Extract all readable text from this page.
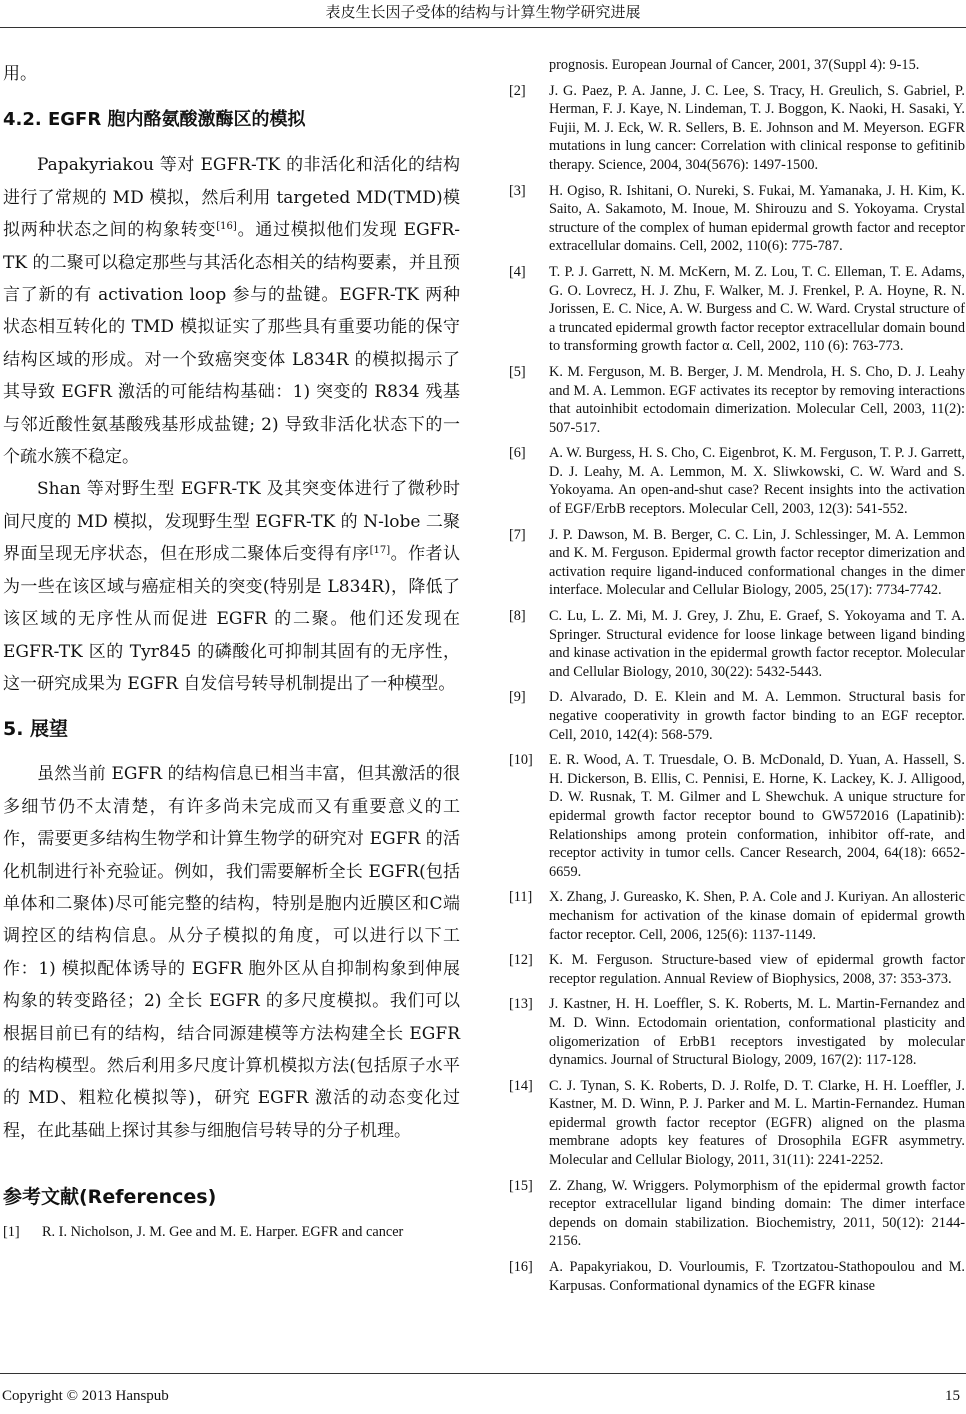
表皮生长因子受体的结构与计算生物学研究进展

用。

4.2. EGFR 胞内酪氨酸激酶区的模拟

Papakyriakou 等对 EGFR-TK 的非活化和活化的结构进行了常规的 MD 模拟，然后利用 targeted MD(TMD)模拟两种状态之间的构象转变[16]。通过模拟他们发现 EGFR-TK 的二聚可以稳定那些与其活化态相关的结构要素，并且预言了新的有 activation loop 参与的盐键。EGFR-TK 两种状态相互转化的 TMD 模拟证实了那些具有重要功能的保守结构区域的形成。对一个致癌突变体 L834R 的模拟揭示了其导致 EGFR 激活的可能结构基础：1) 突变的 R834 残基与邻近酸性氨基酸残基形成盐键; 2) 导致非活化状态下的一个疏水簇不稳定。

Shan 等对野生型 EGFR-TK 及其突变体进行了微秒时间尺度的 MD 模拟，发现野生型 EGFR-TK 的 N-lobe 二聚界面呈现无序状态，但在形成二聚体后变得有序[17]。作者认为一些在该区域与癌症相关的突变(特别是 L834R)，降低了该区域的无序性从而促进 EGFR 的二聚。他们还发现在 EGFR-TK 区的 Tyr845 的磷酸化可抑制其固有的无序性，这一研究成果为 EGFR 自发信号转导机制提出了一种模型。

5. 展望

虽然当前 EGFR 的结构信息已相当丰富，但其激活的很多细节仍不太清楚，有许多尚未完成而又有重要意义的工作，需要更多结构生物学和计算生物学的研究对 EGFR 的活化机制进行补充验证。例如，我们需要解析全长 EGFR(包括单体和二聚体)尽可能完整的结构，特别是胞内近膜区和C端调控区的结构信息。从分子模拟的角度，可以进行以下工作：1) 模拟配体诱导的 EGFR 胞外区从自抑制构象到伸展构象的转变路径；2) 全长 EGFR 的多尺度模拟。我们可以根据目前已有的结构，结合同源建模等方法构建全长 EGFR 的结构模型。然后利用多尺度计算机模拟方法(包括原子水平的 MD、粗粒化模拟等)，研究 EGFR 激活的动态变化过程，在此基础上探讨其参与细胞信号转导的分子机理。

参考文献(References)
[1]	R. I. Nicholson, J. M. Gee and M. E. Harper. EGFR and cancer
prognosis. European Journal of Cancer, 2001, 37(Suppl 4): 9-15.
[2]	J. G. Paez, P. A. Janne, J. C. Lee, S. Tracy, H. Greulich, S. Gabriel, P. Herman, F. J. Kaye, N. Lindeman, T. J. Boggon, K. Naoki, H. Sasaki, Y. Fujii, M. J. Eck, W. R. Sellers, B. E. Johnson and M. Meyerson. EGFR mutations in lung cancer: Correlation with clinical response to gefitinib therapy. Science, 2004, 304(5676): 1497-1500.
[3]	H. Ogiso, R. Ishitani, O. Nureki, S. Fukai, M. Yamanaka, J. H. Kim, K. Saito, A. Sakamoto, M. Inoue, M. Shirouzu and S. Yokoyama. Crystal structure of the complex of human epidermal growth factor and receptor extracellular domains. Cell, 2002, 110(6): 775-787.
[4]	T. P. J. Garrett, N. M. McKern, M. Z. Lou, T. C. Elleman, T. E. Adams, G. O. Lovrecz, H. J. Zhu, F. Walker, M. J. Frenkel, P. A. Hoyne, R. N. Jorissen, E. C. Nice, A. W. Burgess and C. W. Ward. Crystal structure of a truncated epidermal growth factor receptor extracellular domain bound to transforming growth factor α. Cell, 2002, 110 (6): 763-773.
[5]	K. M. Ferguson, M. B. Berger, J. M. Mendrola, H. S. Cho, D. J. Leahy and M. A. Lemmon. EGF activates its receptor by removing interactions that autoinhibit ectodomain dimerization. Molecular Cell, 2003, 11(2): 507-517.
[6]	A. W. Burgess, H. S. Cho, C. Eigenbrot, K. M. Ferguson, T. P. J. Garrett, D. J. Leahy, M. A. Lemmon, M. X. Sliwkowski, C. W. Ward and S. Yokoyama. An open-and-shut case? Recent insights into the activation of EGF/ErbB receptors. Molecular Cell, 2003, 12(3): 541-552.
[7]	J. P. Dawson, M. B. Berger, C. C. Lin, J. Schlessinger, M. A. Lemmon and K. M. Ferguson. Epidermal growth factor receptor dimerization and activation require ligand-induced conformational changes in the dimer interface. Molecular and Cellular Biology, 2005, 25(17): 7734-7742.
[8]	C. Lu, L. Z. Mi, M. J. Grey, J. Zhu, E. Graef, S. Yokoyama and T. A. Springer. Structural evidence for loose linkage between ligand binding and kinase activation in the epidermal growth factor receptor. Molecular and Cellular Biology, 2010, 30(22): 5432-5443.
[9]	D. Alvarado, D. E. Klein and M. A. Lemmon. Structural basis for negative cooperativity in growth factor binding to an EGF receptor. Cell, 2010, 142(4): 568-579.
[10]	E. R. Wood, A. T. Truesdale, O. B. McDonald, D. Yuan, A. Hassell, S. H. Dickerson, B. Ellis, C. Pennisi, E. Horne, K. Lackey, K. J. Alligood, D. W. Rusnak, T. M. Gilmer and L Shewchuk. A unique structure for epidermal growth factor receptor bound to GW572016 (Lapatinib): Relationships among protein conformation, inhibitor off-rate, and receptor activity in tumor cells. Cancer Research, 2004, 64(18): 6652-6659.
[11]	X. Zhang, J. Gureasko, K. Shen, P. A. Cole and J. Kuriyan. An allosteric mechanism for activation of the kinase domain of epidermal growth factor receptor. Cell, 2006, 125(6): 1137-1149.
[12]	K. M. Ferguson. Structure-based view of epidermal growth factor receptor regulation. Annual Review of Biophysics, 2008, 37: 353-373.
[13]	J. Kastner, H. H. Loeffler, S. K. Roberts, M. L. Martin-Fernandez and M. D. Winn. Ectodomain orientation, conformational plasticity and oligomerization of ErbB1 receptors investigated by molecular dynamics. Journal of Structural Biology, 2009, 167(2): 117-128.
[14]	C. J. Tynan, S. K. Roberts, D. J. Rolfe, D. T. Clarke, H. H. Loeffler, J. Kastner, M. D. Winn, P. J. Parker and M. L. Martin-Fernandez. Human epidermal growth factor receptor (EGFR) aligned on the plasma membrane adopts key features of Drosophila EGFR asymmetry. Molecular and Cellular Biology, 2011, 31(11): 2241-2252.
[15]	Z. Zhang, W. Wriggers. Polymorphism of the epidermal growth factor receptor extracellular ligand binding domain: The dimer interface depends on domain stabilization. Biochemistry, 2011, 50(12): 2144-2156.
[16]	A. Papakyriakou, D. Vourloumis, F. Tzortzatou-Stathopoulou and M. Karpusas. Conformational dynamics of the EGFR kinase
Copyright © 2013 Hanspub	15
